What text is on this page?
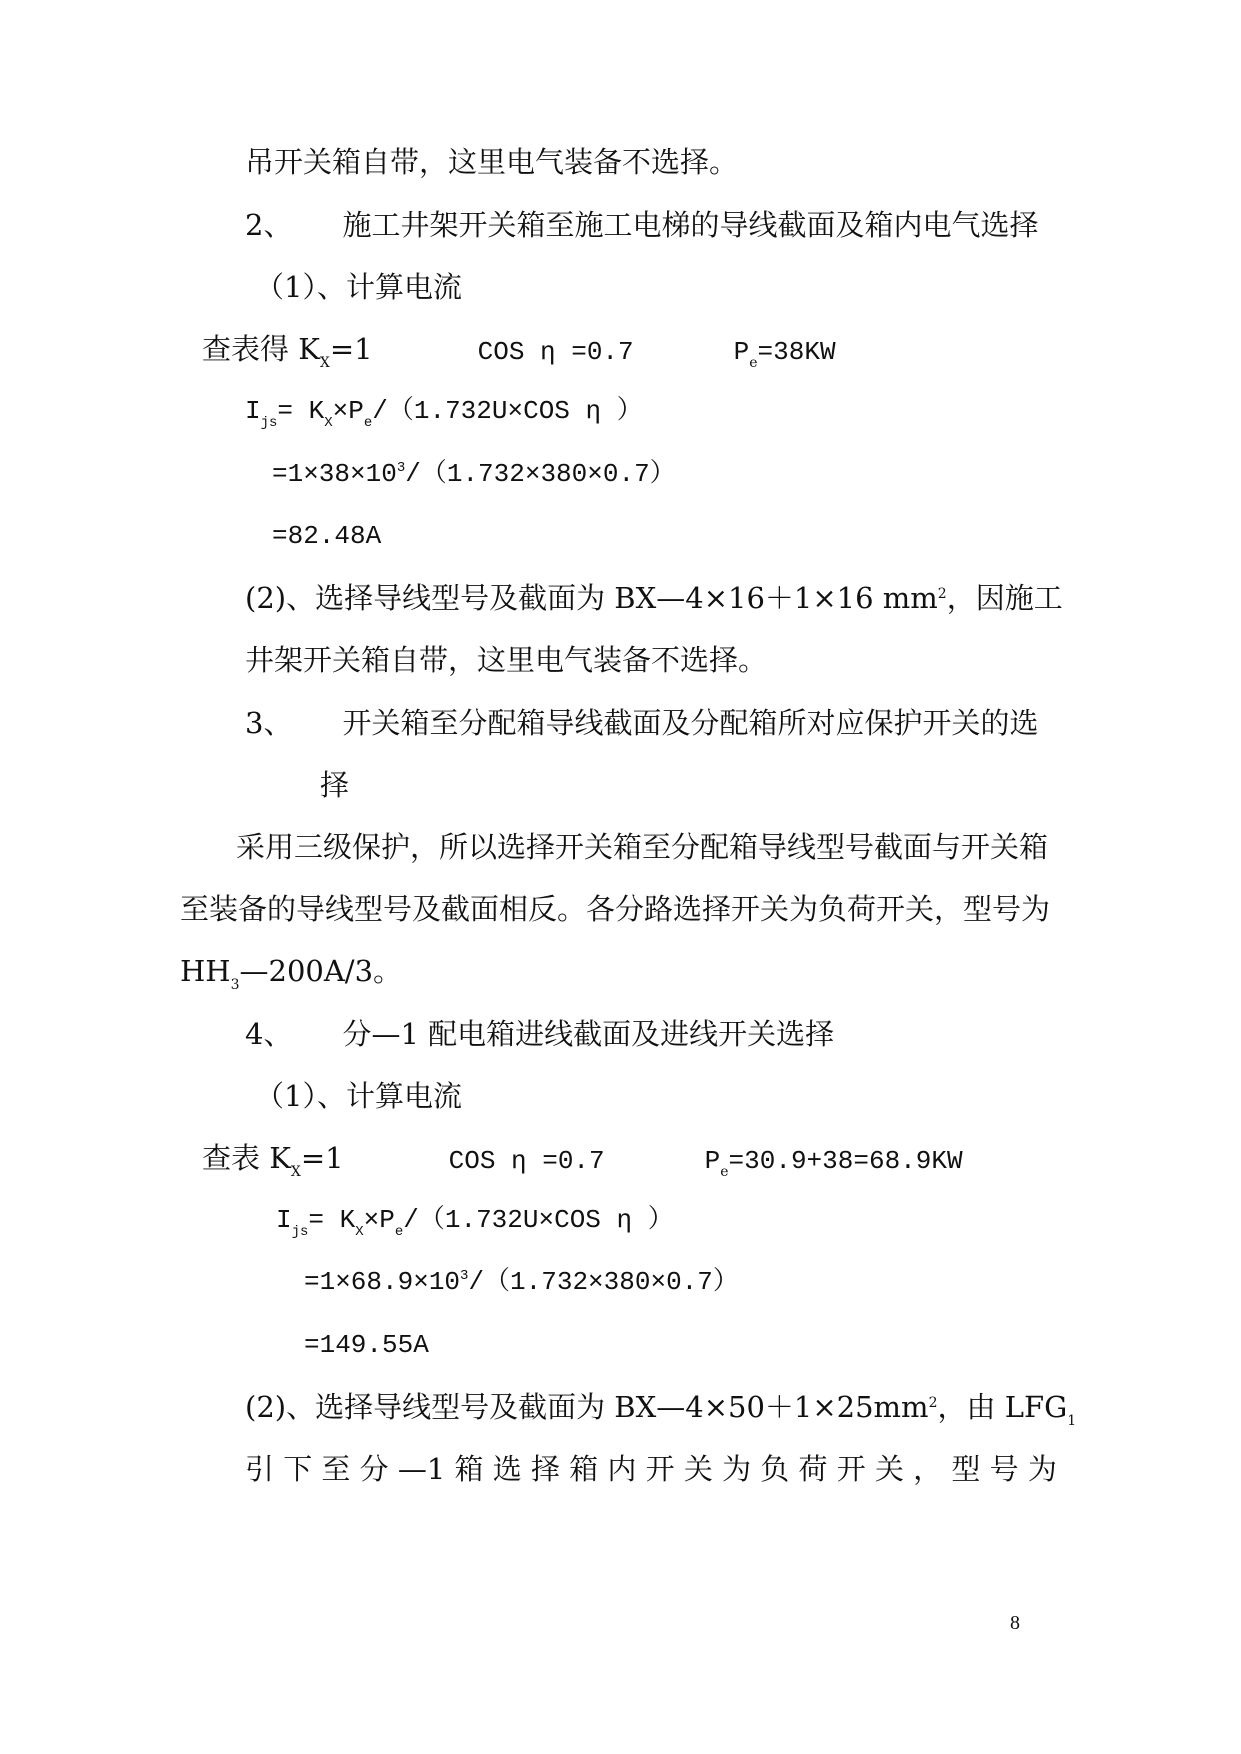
吊开关箱自带，这里电气装备不选择。
2、 施工井架开关箱至施工电梯的导线截面及箱内电气选择
（1）、计算电流
查表得 $K_X=1$	COS η =0.7	$P_e=38KW$
$I_{js}= K_X\times P_e/(1.732U\times COS$ η ）
$=1\times 38\times 10^3/(1.732\times 380\times 0.7)$
=82.48A
(2)、选择导线型号及截面为 BX—4×16＋1×16 $mm^2$，因施工
井架开关箱自带，这里电气装备不选择。
3、 开关箱至分配箱导线截面及分配箱所对应保护开关的选
择
采用三级保护，所以选择开关箱至分配箱导线型号截面与开关箱
至装备的导线型号及截面相反。各分路选择开关为负荷开关，型号为
$HH_3—200A/3$。
4、 分—1 配电箱进线截面及进线开关选择
（1）、计算电流
查表 $K_X=1$	COS η =0.7	$P_e=30.9+38=68.9KW$
$I_{js}= K_X\times P_e/(1.732U\times COS$ η ）
$=1\times 68.9\times 10^3/(1.732\times 380\times 0.7)$
=149.55A
(2)、选择导线型号及截面为 $BX—4\times 50+1\times 25mm^2$，由 $LFG_1$
引 下 至 分 —1 箱 选 择 箱 内 开 关 为 负 荷 开 关 ， 型 号 为
8
